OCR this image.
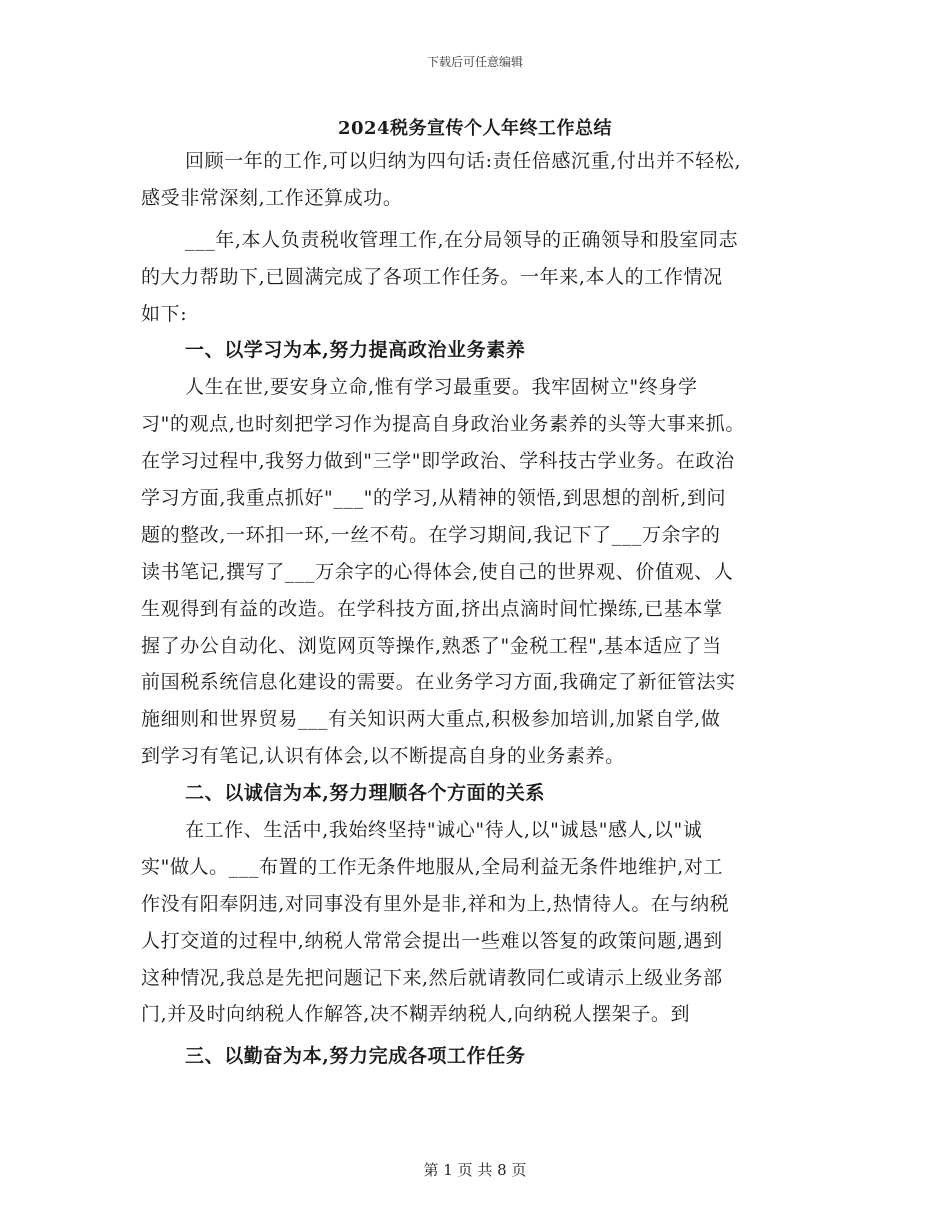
下载后可任意编辑
2024税务宣传个人年终工作总结
回顾一年的工作,可以归纳为四句话:责任倍感沉重,付出并不轻松,
感受非常深刻,工作还算成功。
___年,本人负责税收管理工作,在分局领导的正确领导和股室同志
的大力帮助下,已圆满完成了各项工作任务。一年来,本人的工作情况
如下:
一、以学习为本,努力提高政治业务素养
人生在世,要安身立命,惟有学习最重要。我牢固树立"终身学
习"的观点,也时刻把学习作为提高自身政治业务素养的头等大事来抓。
在学习过程中,我努力做到"三学"即学政治、学科技古学业务。在政治
学习方面,我重点抓好"___"的学习,从精神的领悟,到思想的剖析,到问
题的整改,一环扣一环,一丝不苟。在学习期间,我记下了___万余字的
读书笔记,撰写了___万余字的心得体会,使自己的世界观、价值观、人
生观得到有益的改造。在学科技方面,挤出点滴时间忙操练,已基本掌
握了办公自动化、浏览网页等操作,熟悉了"金税工程",基本适应了当
前国税系统信息化建设的需要。在业务学习方面,我确定了新征管法实
施细则和世界贸易___有关知识两大重点,积极参加培训,加紧自学,做
到学习有笔记,认识有体会,以不断提高自身的业务素养。
二、以诚信为本,努力理顺各个方面的关系
在工作、生活中,我始终坚持"诚心"待人,以"诚恳"感人,以"诚
实"做人。___布置的工作无条件地服从,全局利益无条件地维护,对工
作没有阳奉阴违,对同事没有里外是非,祥和为上,热情待人。在与纳税
人打交道的过程中,纳税人常常会提出一些难以答复的政策问题,遇到
这种情况,我总是先把问题记下来,然后就请教同仁或请示上级业务部
门,并及时向纳税人作解答,决不糊弄纳税人,向纳税人摆架子。到
三、以勤奋为本,努力完成各项工作任务
第 1 页 共 8 页
